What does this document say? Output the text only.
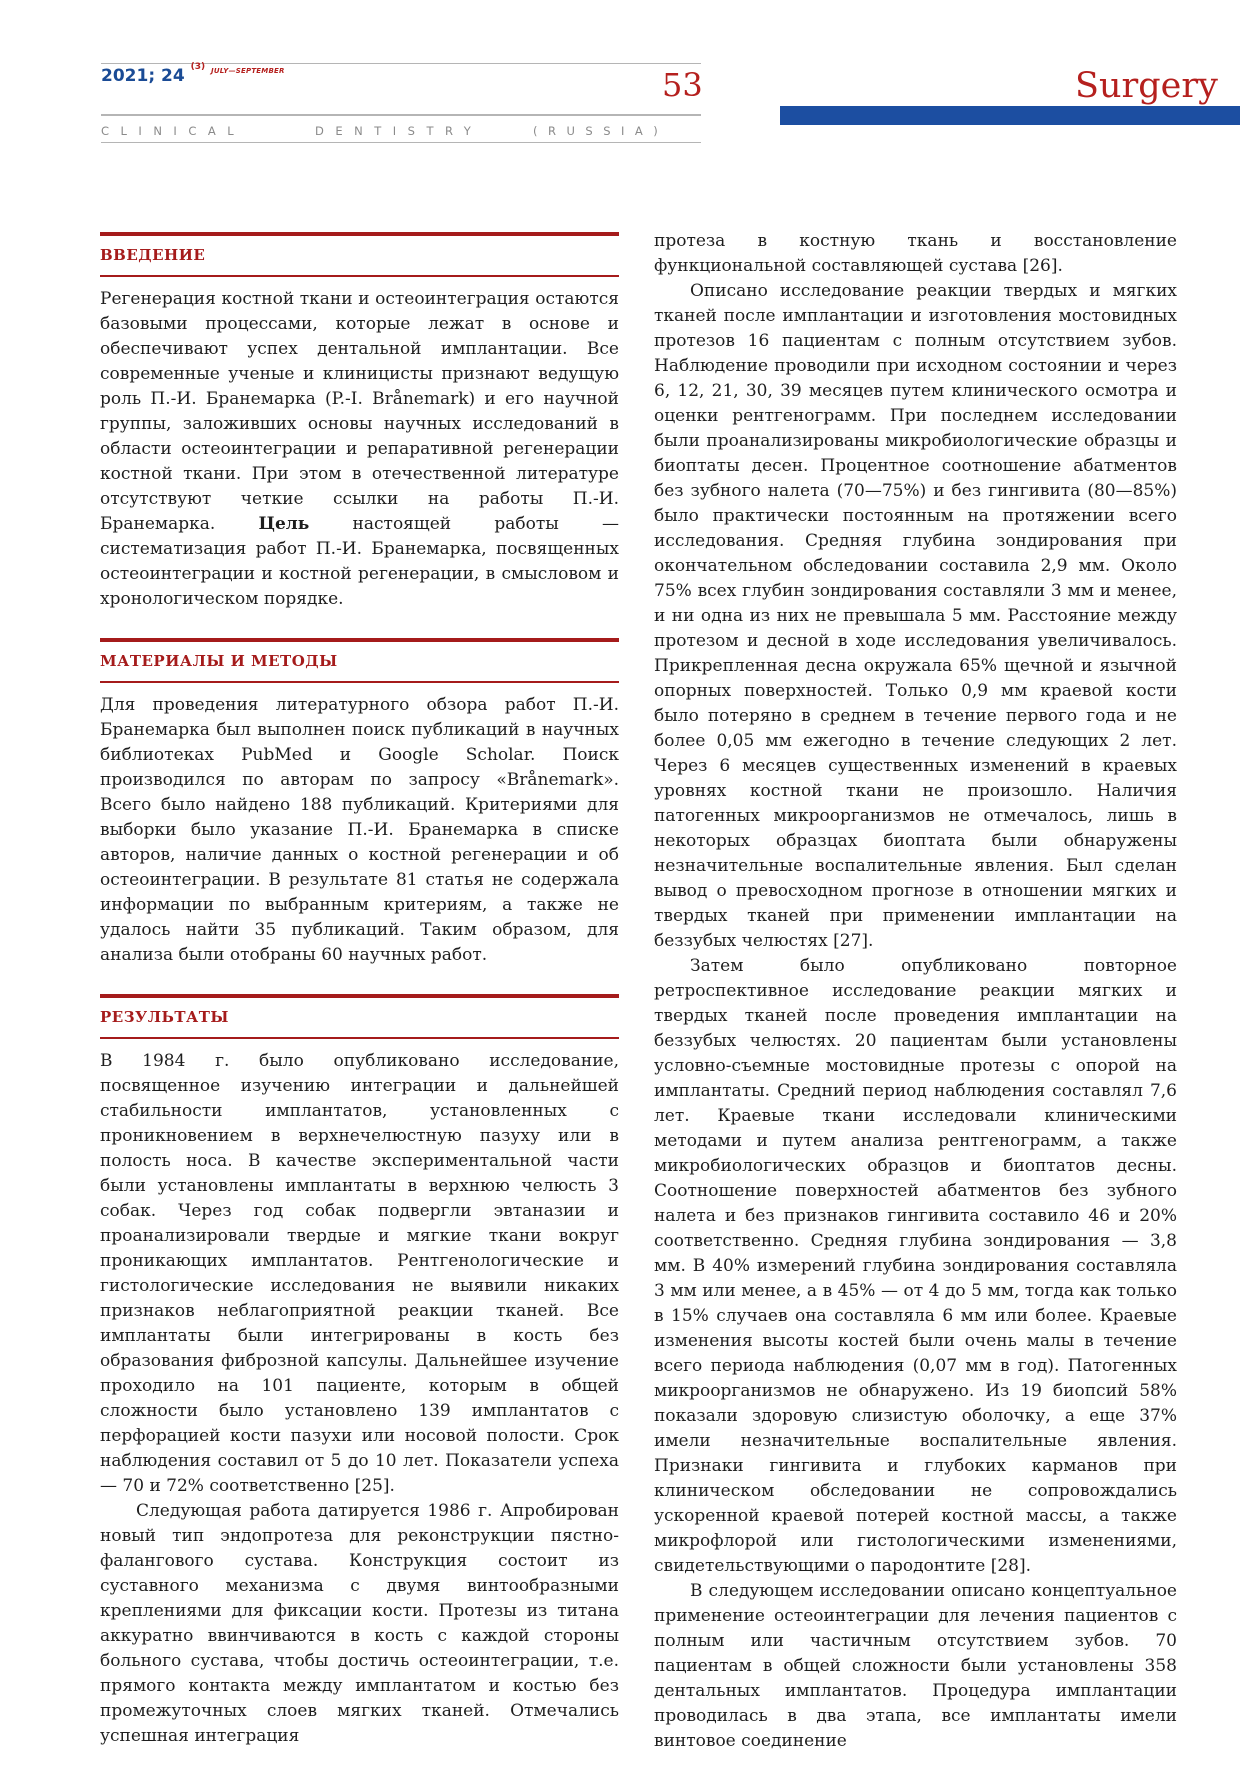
2021; 24 $^{(3)}$ $^{JULY—SEPTEMBER}$	53
CLINICAL	DENTISTRY	(RUSSIA)
Surgery
ВВЕДЕНИЕ

Регенерация костной ткани и остеоинтеграция остаются базовыми процессами, которые лежат в основе и обеспечивают успех дентальной имплантации. Все современные ученые и клиницисты признают ведущую роль П.-И. Бранемарка (P.-I. Brånemark) и его научной группы, заложивших основы научных исследований в области остеоинтеграции и репаративной регенерации костной ткани. При этом в отечественной литературе отсутствуют четкие ссылки на работы П.-И. Бранемарка.	Цель настоящей работы — систематизация работ П.-И. Бранемарка, посвященных остеоинтеграции и костной регенерации, в смысловом и хронологическом порядке.

МАТЕРИАЛЫ И МЕТОДЫ

Для проведения литературного обзора работ П.-И. Бранемарка был выполнен поиск публикаций в научных библиотеках PubMed и Google Scholar. Поиск производился по авторам по запросу «Brånemark». Всего было найдено 188 публикаций. Критериями для выборки было указание П.-И. Бранемарка в списке авторов, наличие данных о костной регенерации и об остеоинтеграции. В результате 81 статья не содержала информации по выбранным критериям, а также не удалось найти 35 публикаций. Таким образом, для анализа были отобраны 60 научных работ.

РЕЗУЛЬТАТЫ

В 1984 г. было опубликовано исследование, посвященное изучению интеграции и дальнейшей стабильности имплантатов, установленных с проникновением в верхнечелюстную пазуху или в полость носа. В качестве экспериментальной части были установлены имплантаты в верхнюю челюсть 3 собак. Через год собак подвергли эвтаназии и проанализировали твердые и мягкие ткани вокруг проникающих имплантатов. Рентгенологические и гистологические исследования не выявили никаких признаков неблагоприятной реакции тканей. Все имплантаты были интегрированы в кость без образования фиброзной капсулы. Дальнейшее изучение проходило на 101 пациенте, которым в общей сложности было установлено 139 имплантатов с перфорацией кости пазухи или носовой полости. Срок наблюдения составил от 5 до 10 лет. Показатели успеха — 70 и 72% соответственно [25].

Следующая работа датируется 1986 г. Апробирован новый тип эндопротеза для реконструкции пястно-фалангового сустава. Конструкция состоит из суставного механизма с двумя винтообразными креплениями для фиксации кости. Протезы из титана аккуратно ввинчиваются в кость с каждой стороны больного сустава, чтобы достичь остеоинтеграции, т.е. прямого контакта между имплантатом и костью без промежуточных слоев мягких тканей. Отмечались успешная интеграция

протеза в костную ткань и восстановление функциональной составляющей сустава [26].

Описано исследование реакции твердых и мягких тканей после имплантации и изготовления мостовидных протезов 16 пациентам с полным отсутствием зубов. Наблюдение проводили при исходном состоянии и через 6, 12, 21, 30, 39 месяцев путем клинического осмотра и оценки рентгенограмм. При последнем исследовании были проанализированы микробиологические образцы и биоптаты десен. Процентное соотношение абатментов без зубного налета (70—75%) и без гингивита (80—85%) было практически постоянным на протяжении всего исследования. Средняя глубина зондирования при окончательном обследовании составила 2,9 мм. Около 75% всех глубин зондирования составляли 3 мм и менее, и ни одна из них не превышала 5 мм. Расстояние между протезом и десной в ходе исследования увеличивалось. Прикрепленная десна окружала 65% щечной и язычной опорных поверхностей. Только 0,9 мм краевой кости было потеряно в среднем в течение первого года и не более 0,05 мм ежегодно в течение следующих 2 лет. Через 6 месяцев существенных изменений в краевых уровнях костной ткани не произошло. Наличия патогенных микроорганизмов не отмечалось, лишь в некоторых образцах биоптата были обнаружены незначительные воспалительные явления. Был сделан вывод о превосходном прогнозе в отношении мягких и твердых тканей при применении имплантации на беззубых челюстях [27].

Затем было опубликовано повторное ретроспективное исследование реакции мягких и твердых тканей после проведения имплантации на беззубых челюстях. 20 пациентам были установлены условно-съемные мостовидные протезы с опорой на имплантаты. Средний период наблюдения составлял 7,6 лет. Краевые ткани исследовали клиническими методами и путем анализа рентгенограмм, а также микробиологических образцов и биоптатов десны. Соотношение поверхностей абатментов без зубного налета и без признаков гингивита составило 46 и 20% соответственно. Средняя глубина зондирования — 3,8 мм. В 40% измерений глубина зондирования составляла 3 мм или менее, а в 45% — от 4 до 5 мм, тогда как только в 15% случаев она составляла 6 мм или более. Краевые изменения высоты костей были очень малы в течение всего периода наблюдения (0,07 мм в год). Патогенных микроорганизмов не обнаружено. Из 19 биопсий 58% показали здоровую слизистую оболочку, а еще 37% имели незначительные воспалительные явления. Признаки гингивита и глубоких карманов при клиническом обследовании не сопровождались ускоренной краевой потерей костной массы, а также микрофлорой или гистологическими изменениями, свидетельствующими о пародонтите [28].

В следующем исследовании описано концептуальное применение остеоинтеграции для лечения пациентов с полным или частичным отсутствием зубов. 70 пациентам в общей сложности были установлены 358 дентальных имплантатов. Процедура имплантации проводилась в два этапа, все имплантаты имели винтовое соединение
